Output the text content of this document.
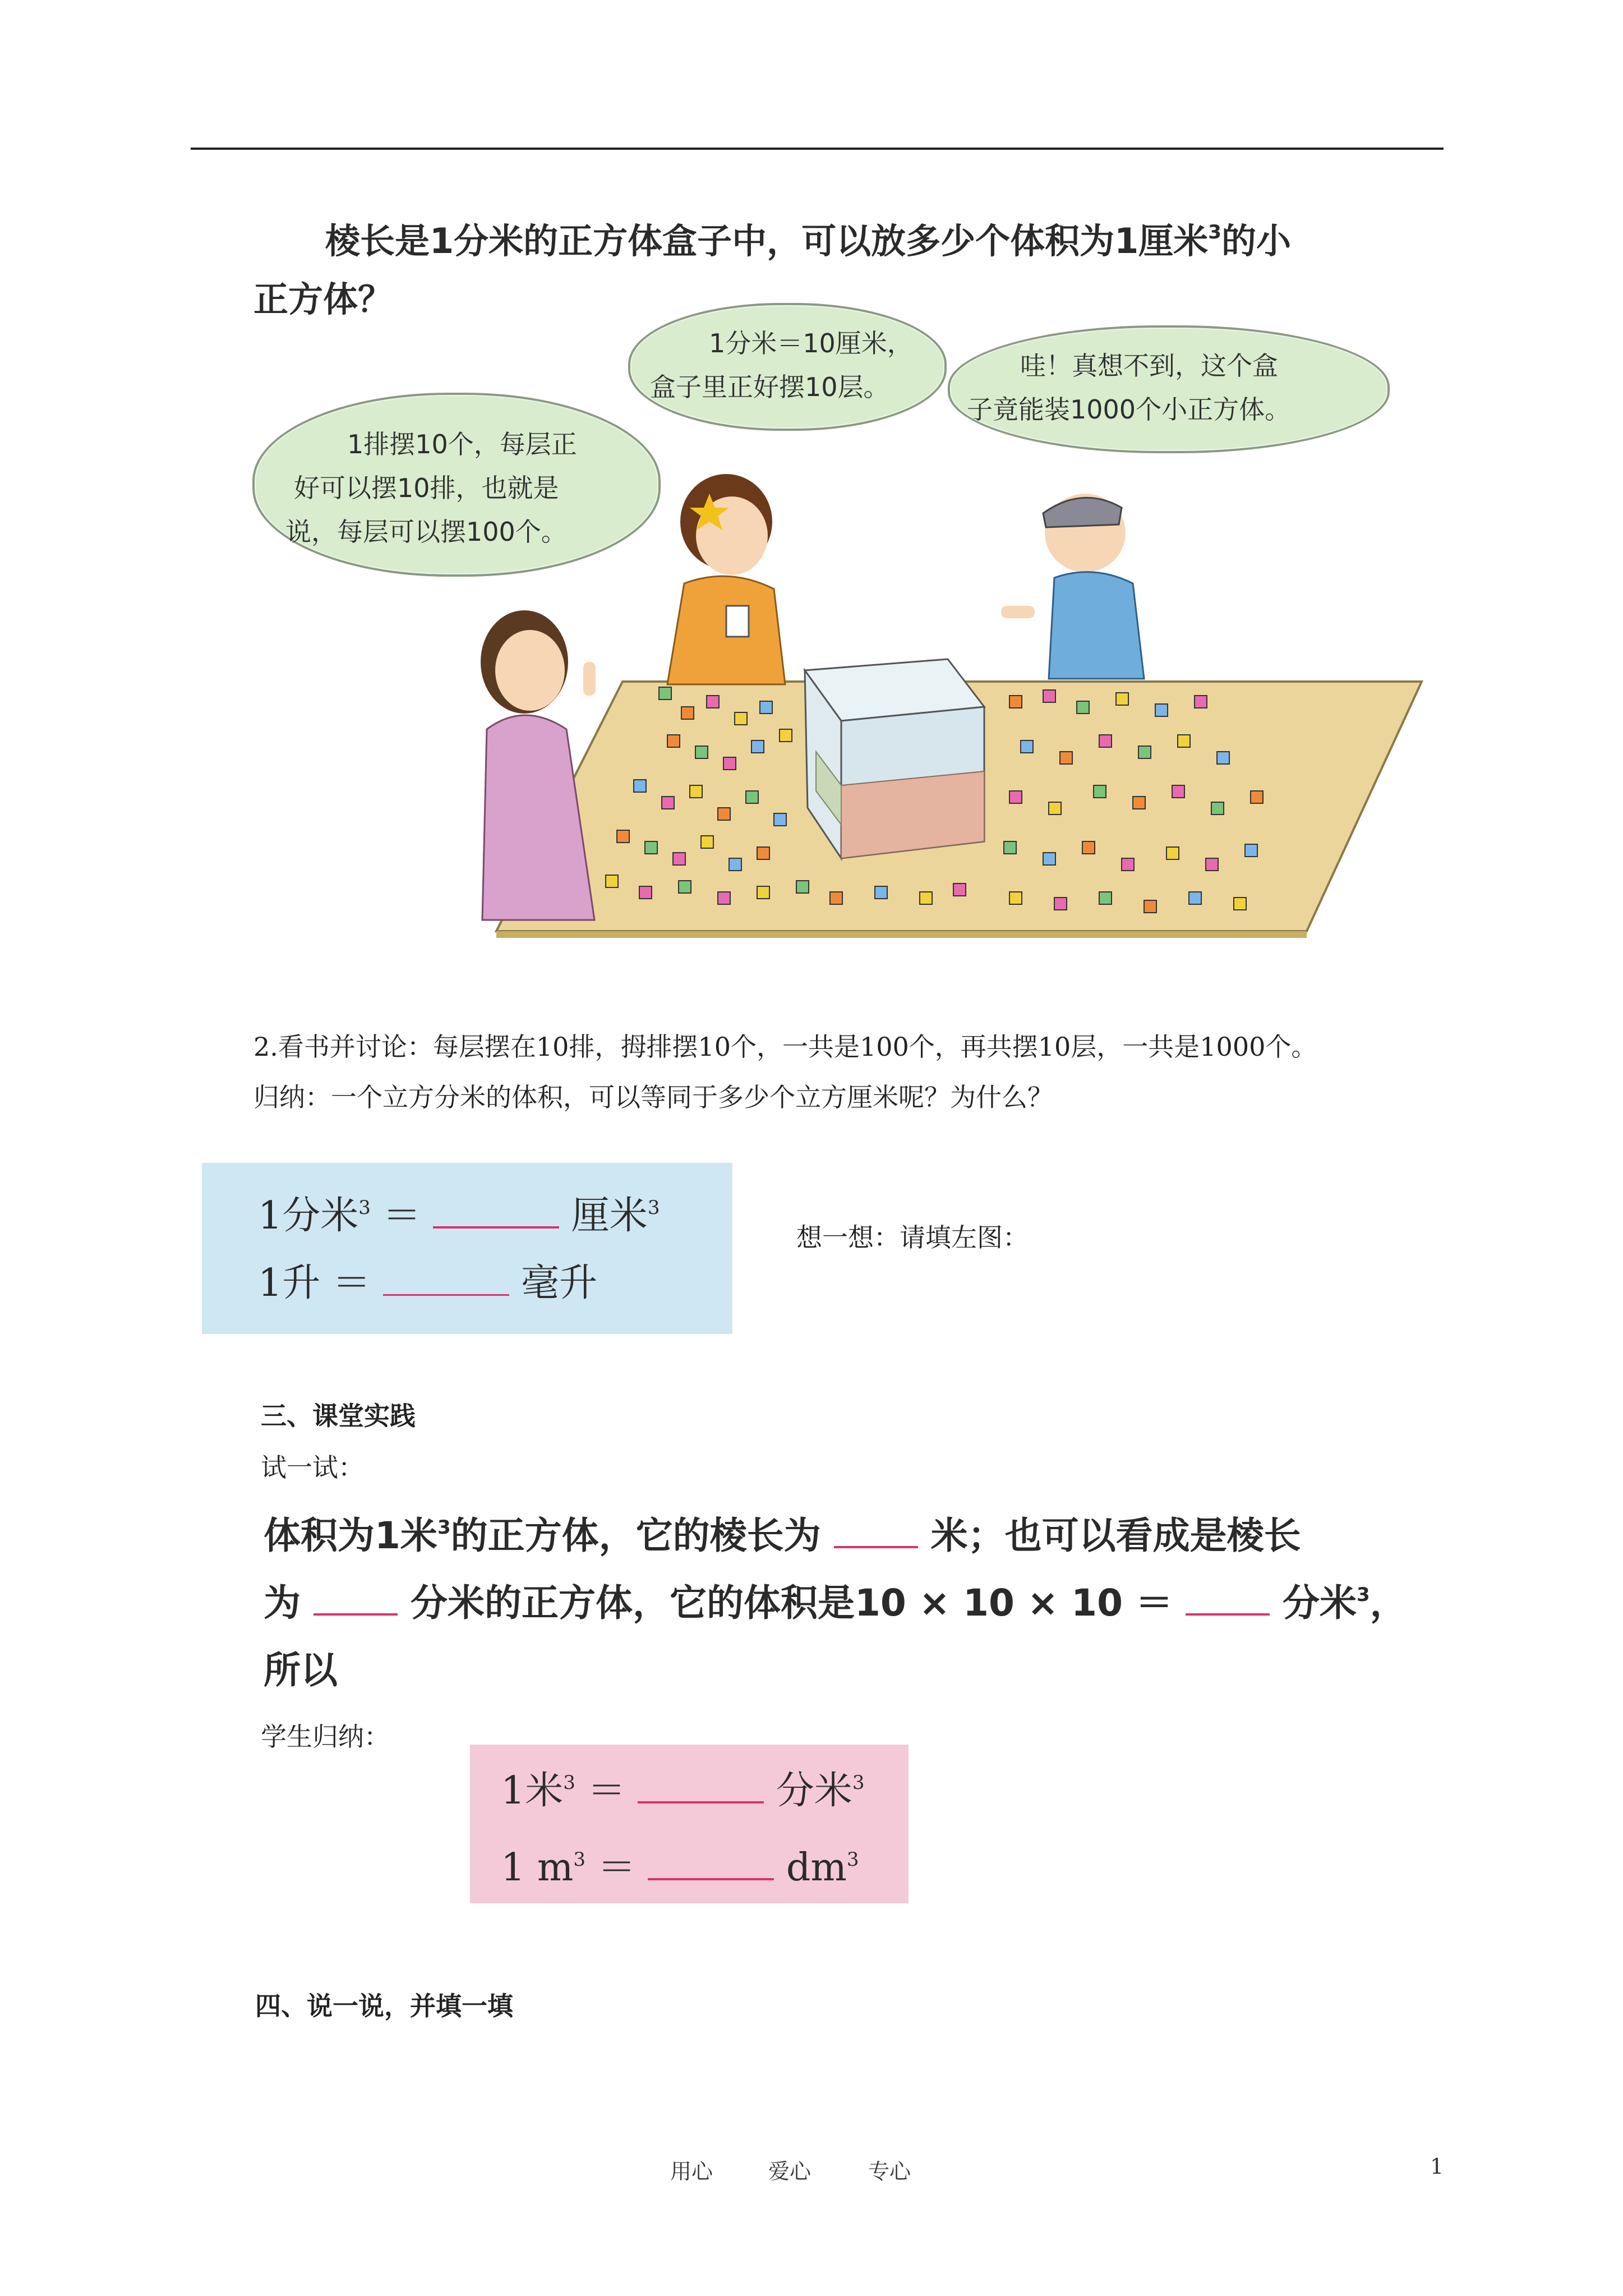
棱长是1分米的正方体盒子中，可以放多少个体积为1厘米$^3$的小
正方体？
1排摆10个，每层正
好可以摆10排，也就是
说，每层可以摆100个。
1分米＝10厘米，
盒子里正好摆10层。
哇！真想不到，这个盒
子竟能装1000个小正方体。
2.看书并讨论：每层摆在10排，拇排摆10个，一共是100个，再共摆10层，一共是1000个。
归纳：一个立方分米的体积，可以等同于多少个立方厘米呢？为什么？
1分米$^3$ ＝	厘米$^3$
1升 ＝	毫升
想一想：请填左图：
三、课堂实践
试一试：
体积为1米$^3$的正方体，它的棱长为	米；也可以看成是棱长
为	分米的正方体，它的体积是10 × 10 × 10 ＝	分米$^3$，
所以
学生归纳：
1米$^3$ ＝	分米$^3$
1 $m^3$ ＝	$dm^3$
四、说一说，并填一填
用心	爱心	专心	1
